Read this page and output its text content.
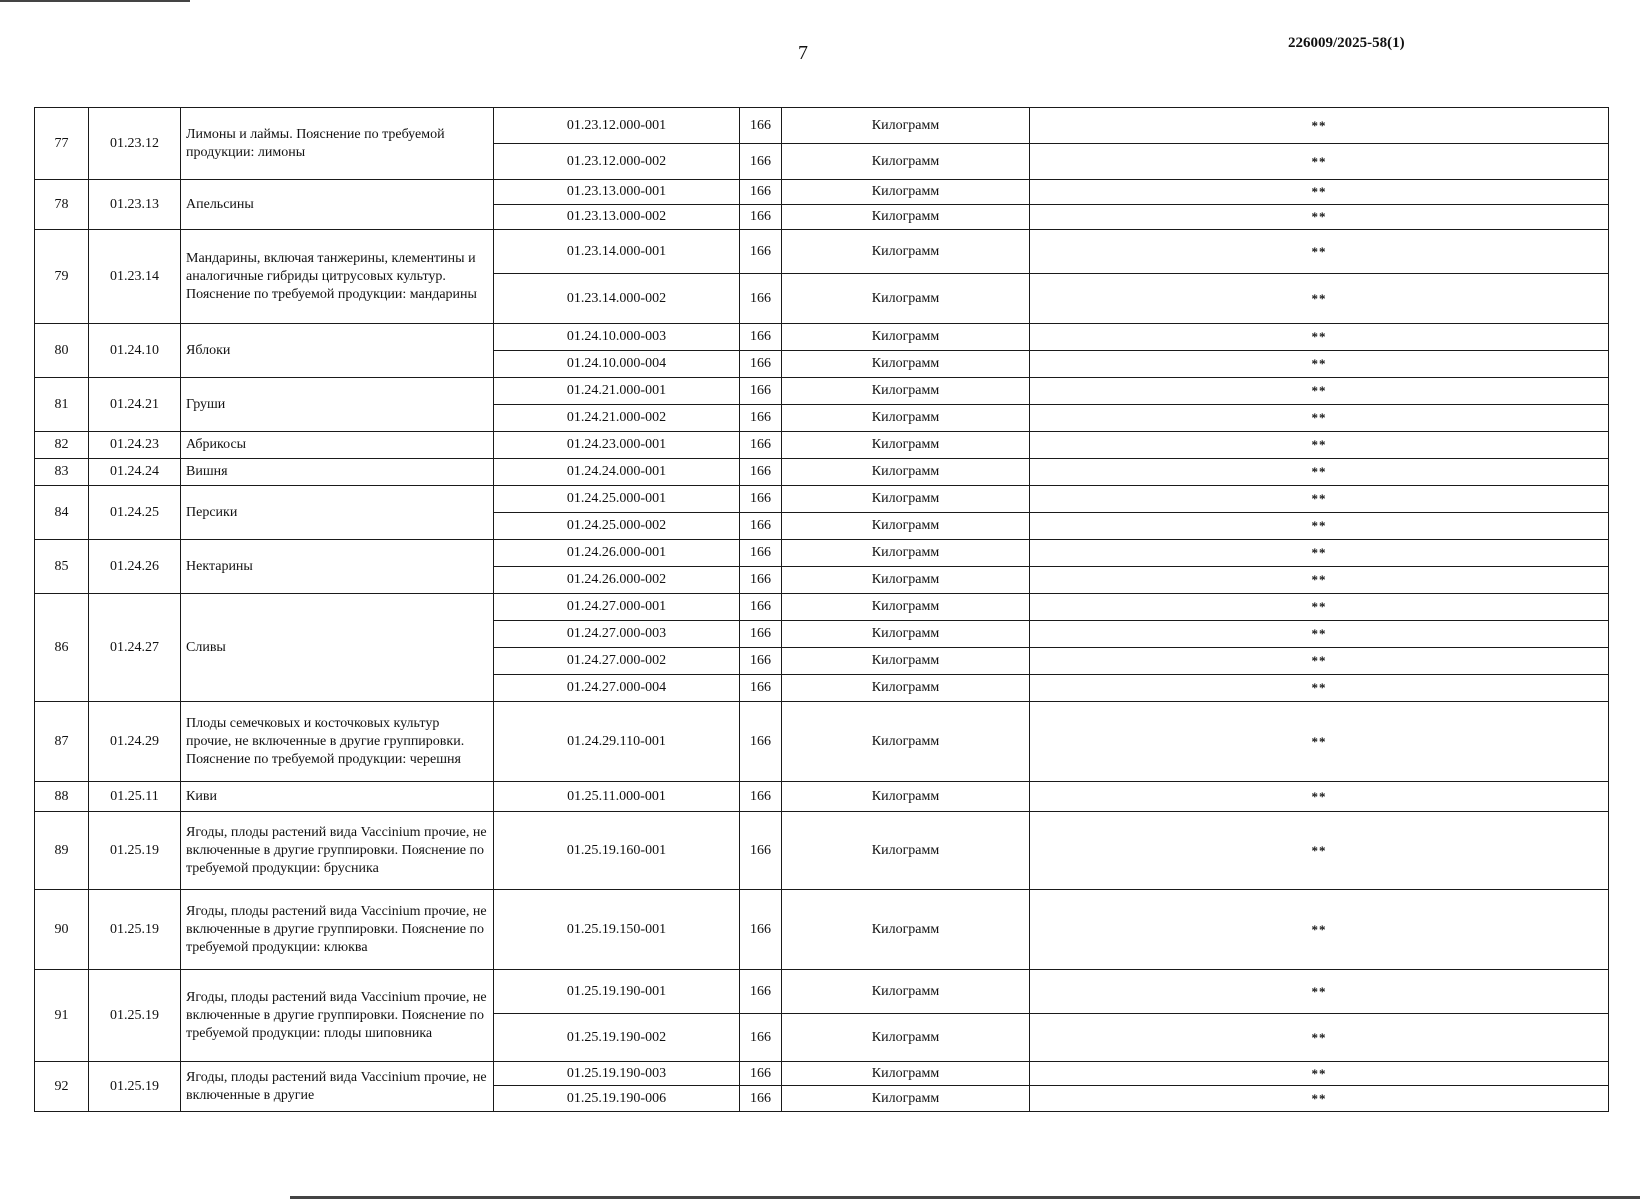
7	226009/2025-58(1)
77	01.23.12	Лимоны и лаймы. Пояснение по требуемой продукции: лимоны	01.23.12.000-001	166	Килограмм	**
			01.23.12.000-002	166	Килограмм	**
78	01.23.13	Апельсины	01.23.13.000-001	166	Килограмм	**
			01.23.13.000-002	166	Килограмм	**
79	01.23.14	Мандарины, включая танжерины, клементины и аналогичные гибриды цитрусовых культур. Пояснение по требуемой продукции: мандарины	01.23.14.000-001	166	Килограмм	**
			01.23.14.000-002	166	Килограмм	**
80	01.24.10	Яблоки	01.24.10.000-003	166	Килограмм	**
			01.24.10.000-004	166	Килограмм	**
81	01.24.21	Груши	01.24.21.000-001	166	Килограмм	**
			01.24.21.000-002	166	Килограмм	**
82	01.24.23	Абрикосы	01.24.23.000-001	166	Килограмм	**
83	01.24.24	Вишня	01.24.24.000-001	166	Килограмм	**
84	01.24.25	Персики	01.24.25.000-001	166	Килограмм	**
			01.24.25.000-002	166	Килограмм	**
85	01.24.26	Нектарины	01.24.26.000-001	166	Килограмм	**
			01.24.26.000-002	166	Килограмм	**
86	01.24.27	Сливы	01.24.27.000-001	166	Килограмм	**
			01.24.27.000-003	166	Килограмм	**
			01.24.27.000-002	166	Килограмм	**
			01.24.27.000-004	166	Килограмм	**
87	01.24.29	Плоды семечковых и косточковых культур прочие, не включенные в другие группировки. Пояснение по требуемой продукции: черешня	01.24.29.110-001	166	Килограмм	**
88	01.25.11	Киви	01.25.11.000-001	166	Килограмм	**
89	01.25.19	Ягоды, плоды растений вида Vaccinium прочие, не включенные в другие группировки. Пояснение по требуемой продукции: брусника	01.25.19.160-001	166	Килограмм	**
90	01.25.19	Ягоды, плоды растений вида Vaccinium прочие, не включенные в другие группировки. Пояснение по требуемой продукции: клюква	01.25.19.150-001	166	Килограмм	**
91	01.25.19	Ягоды, плоды растений вида Vaccinium прочие, не включенные в другие группировки. Пояснение по требуемой продукции: плоды шиповника	01.25.19.190-001	166	Килограмм	**
			01.25.19.190-002	166	Килограмм	**
92	01.25.19	Ягоды, плоды растений вида Vaccinium прочие, не включенные в другие	01.25.19.190-003	166	Килограмм	**
			01.25.19.190-006	166	Килограмм	**
